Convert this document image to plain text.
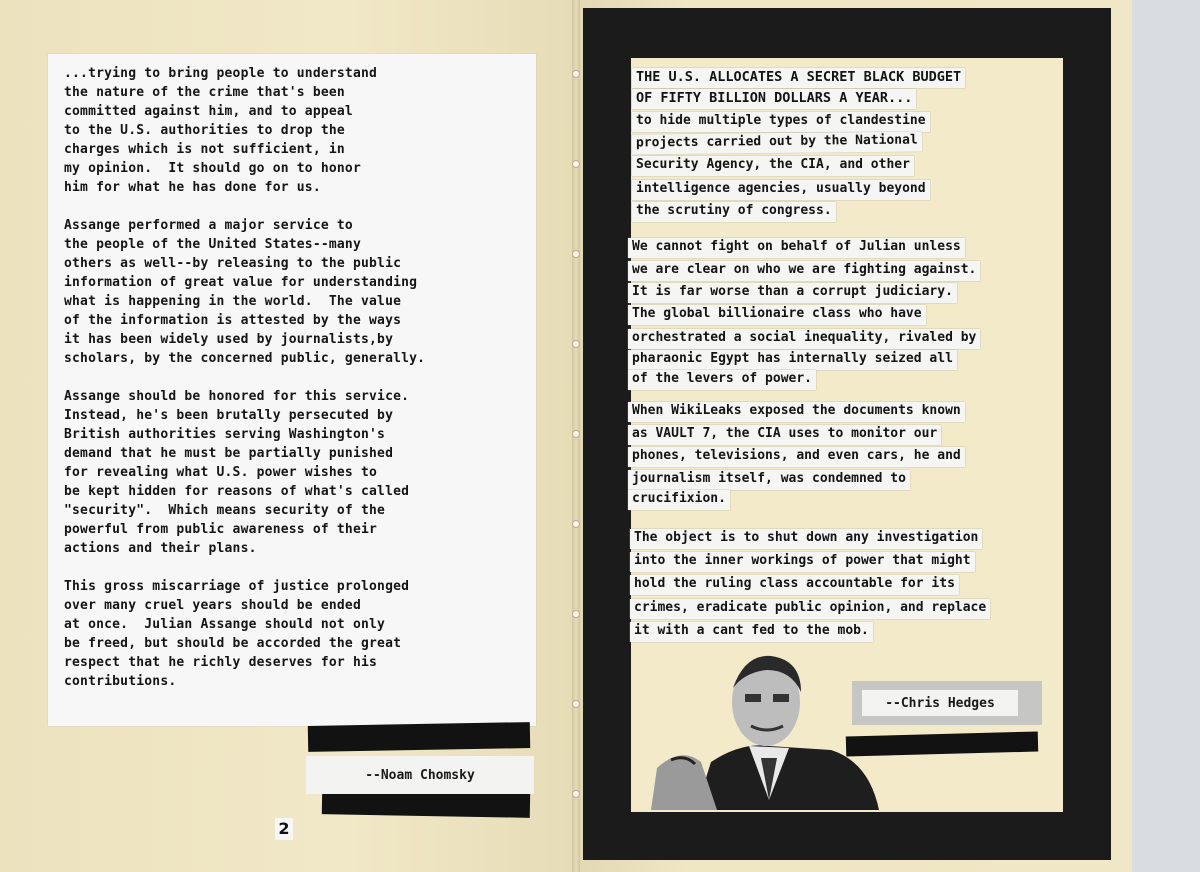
...trying to bring people to understand
the nature of the crime that's been
committed against him, and to appeal
to the U.S. authorities to drop the
charges which is not sufficient, in
my opinion.  It should go on to honor
him for what he has done for us.

Assange performed a major service to
the people of the United States--many
others as well--by releasing to the public
information of great value for understanding
what is happening in the world.  The value
of the information is attested by the ways
it has been widely used by journalists,by
scholars, by the concerned public, generally.

Assange should be honored for this service.
Instead, he's been brutally persecuted by
British authorities serving Washington's
demand that he must be partially punished
for revealing what U.S. power wishes to
be kept hidden for reasons of what's called
"security".  Which means security of the
powerful from public awareness of their
actions and their plans.

This gross miscarriage of justice prolonged
over many cruel years should be ended
at once.  Julian Assange should not only
be freed, but should be accorded the great
respect that he richly deserves for his
contributions.

--Noam Chomsky
2
THE U.S. ALLOCATES A SECRET BLACK BUDGET
OF FIFTY BILLION DOLLARS A YEAR...
to hide multiple types of clandestine
projects carried out by the National
Security Agency, the CIA, and other
intelligence agencies, usually beyond
the scrutiny of congress.
We cannot fight on behalf of Julian unless
we are clear on who we are fighting against.
It is far worse than a corrupt judiciary.
The global billionaire class who have
orchestrated a social inequality, rivaled by
pharaonic Egypt has internally seized all
of the levers of power.
When WikiLeaks exposed the documents known
as VAULT 7, the CIA uses to monitor our
phones, televisions, and even cars, he and
journalism itself, was condemned to
crucifixion.
The object is to shut down any investigation
into the inner workings of power that might
hold the ruling class accountable for its
crimes, eradicate public opinion, and replace
it with a cant fed to the mob.
--Chris Hedges
